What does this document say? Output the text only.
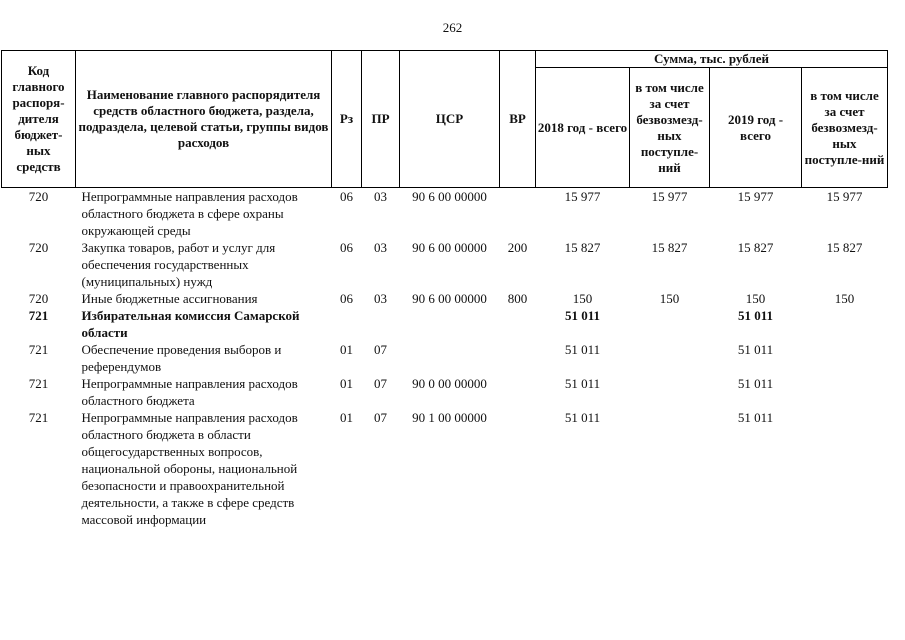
262
Код главного распоря-дителя бюджет-ных средств	Наименование главного распорядителя средств областного бюджета, раздела, подраздела, целевой статьи, группы видов расходов	Рз	ПР	ЦСР	ВР	Сумма, тыс. рублей			
						2018 год - всего	в том числе за счет безвозмезд-ных поступле-ний	2019 год - всего	в том числе за счет безвозмезд-ных поступле-ний
720	Непрограммные направления расходов областного бюджета в сфере охраны окружающей среды	06	03	90 6 00 00000		15 977	15 977	15 977	15 977
720	Закупка товаров, работ и услуг для обеспечения государственных (муниципальных) нужд	06	03	90 6 00 00000	200	15 827	15 827	15 827	15 827
720	Иные бюджетные ассигнования	06	03	90 6 00 00000	800	150	150	150	150
721	Избирательная комиссия Самарской области					51 011		51 011	
721	Обеспечение проведения выборов и референдумов	01	07			51 011		51 011	
721	Непрограммные направления расходов областного бюджета	01	07	90 0 00 00000		51 011		51 011	
721	Непрограммные направления расходов областного бюджета в области общегосударственных вопросов, национальной обороны, национальной безопасности и правоохранительной деятельности, а также в сфере средств массовой информации	01	07	90 1 00 00000		51 011		51 011	
